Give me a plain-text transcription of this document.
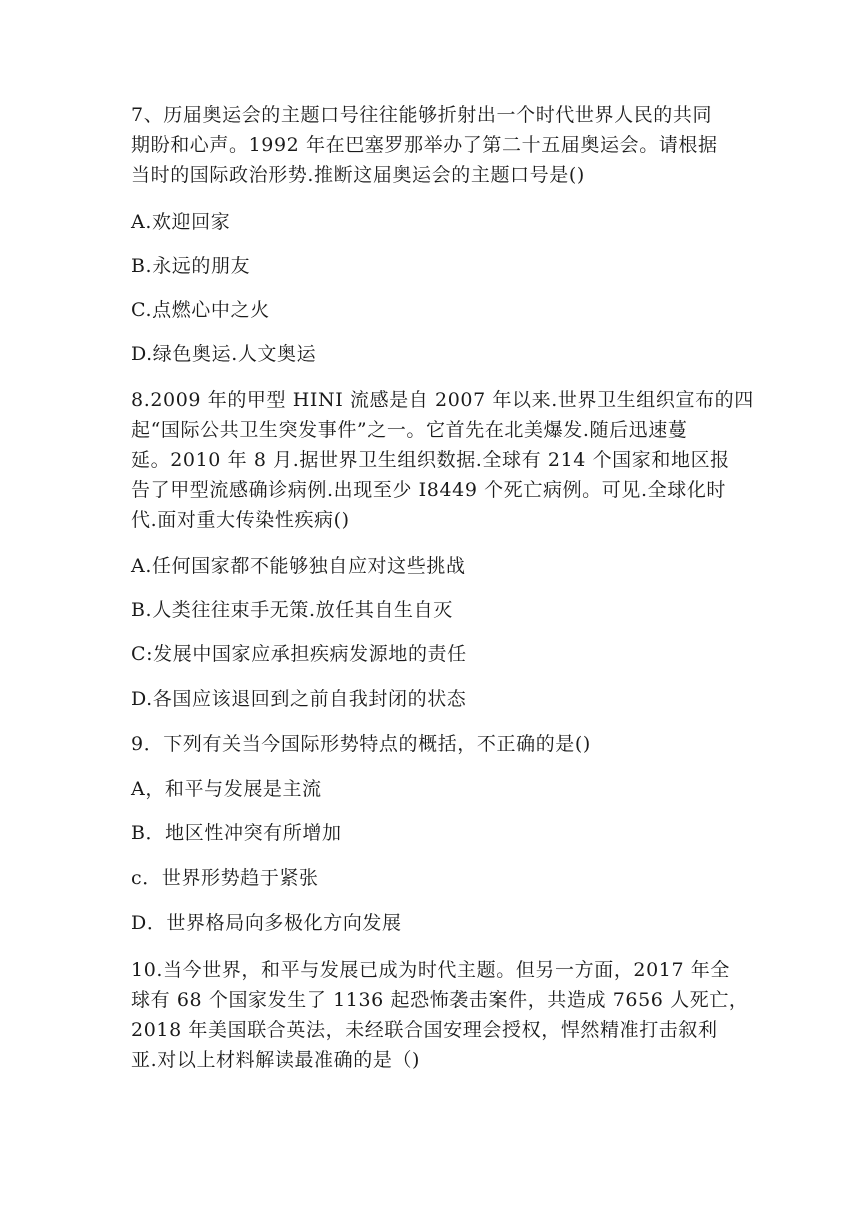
7、历届奥运会的主题口号往往能够折射出一个时代世界人民的共同
期盼和心声。1992 年在巴塞罗那举办了第二十五届奥运会。请根据
当时的国际政治形势.推断这届奥运会的主题口号是()

A.欢迎回家

B.永远的朋友

C.点燃心中之火

D.绿色奥运.人文奥运

8.2009 年的甲型 HINI 流感是自 2007 年以来.世界卫生组织宣布的四
起“国际公共卫生突发事件”之一。它首先在北美爆发.随后迅速蔓
延。2010 年 8 月.据世界卫生组织数据.全球有 214 个国家和地区报
告了甲型流感确诊病例.出现至少 I8449 个死亡病例。可见.全球化时
代.面对重大传染性疾病()

A.任何国家都不能够独自应对这些挑战

B.人类往往束手无策.放任其自生自灭

C:发展中国家应承担疾病发源地的责任

D.各国应该退回到之前自我封闭的状态

9．下列有关当今国际形势特点的概括，不正确的是()

A，和平与发展是主流

B．地区性冲突有所增加

c．世界形势趋于紧张

D．世界格局向多极化方向发展

10.当今世界，和平与发展已成为时代主题。但另一方面，2017 年全
球有 68 个国家发生了 1136 起恐怖袭击案件，共造成 7656 人死亡，
2018 年美国联合英法，未经联合国安理会授权，悍然精准打击叙利
亚.对以上材料解读最准确的是（)
